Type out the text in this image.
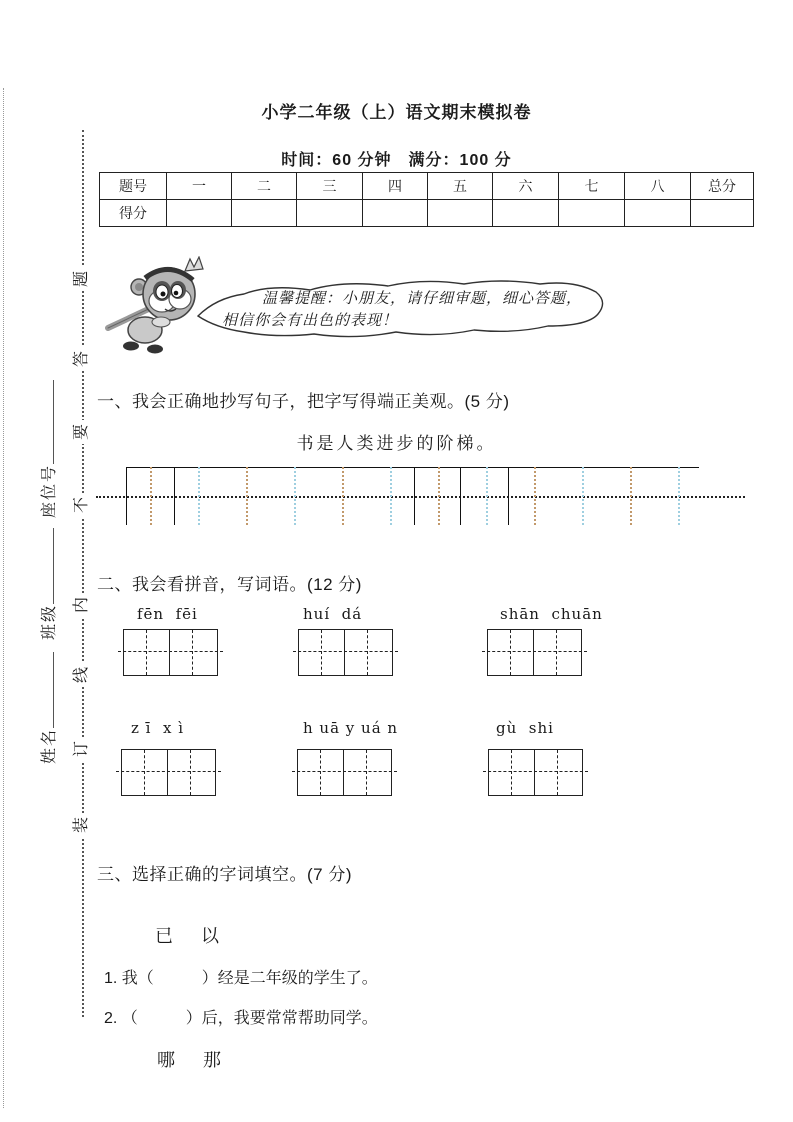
题
答
要
不
内
线
订
装
姓名班级座位号
小学二年级（上）语文期末模拟卷
时间：60 分钟　满分：100 分
题号	一	二	三	四	五	六	七	八	总分
得分									
温馨提醒：小朋友，请仔细审题，细心答题，
相信你会有出色的表现！
一、我会正确地抄写句子，把字写得端正美观。(5 分)
书是人类进步的阶梯。
二、我会看拼音，写词语。(12 分)
fēn  fēi	huí  dá	shān  chuān
z ī  x ì	h uā y uá n	gù  shi
三、选择正确的字词填空。(7 分)
已 以
1. 我（　　　）经是二年级的学生了。
2. （　　　）后，我要常常帮助同学。
哪 那
